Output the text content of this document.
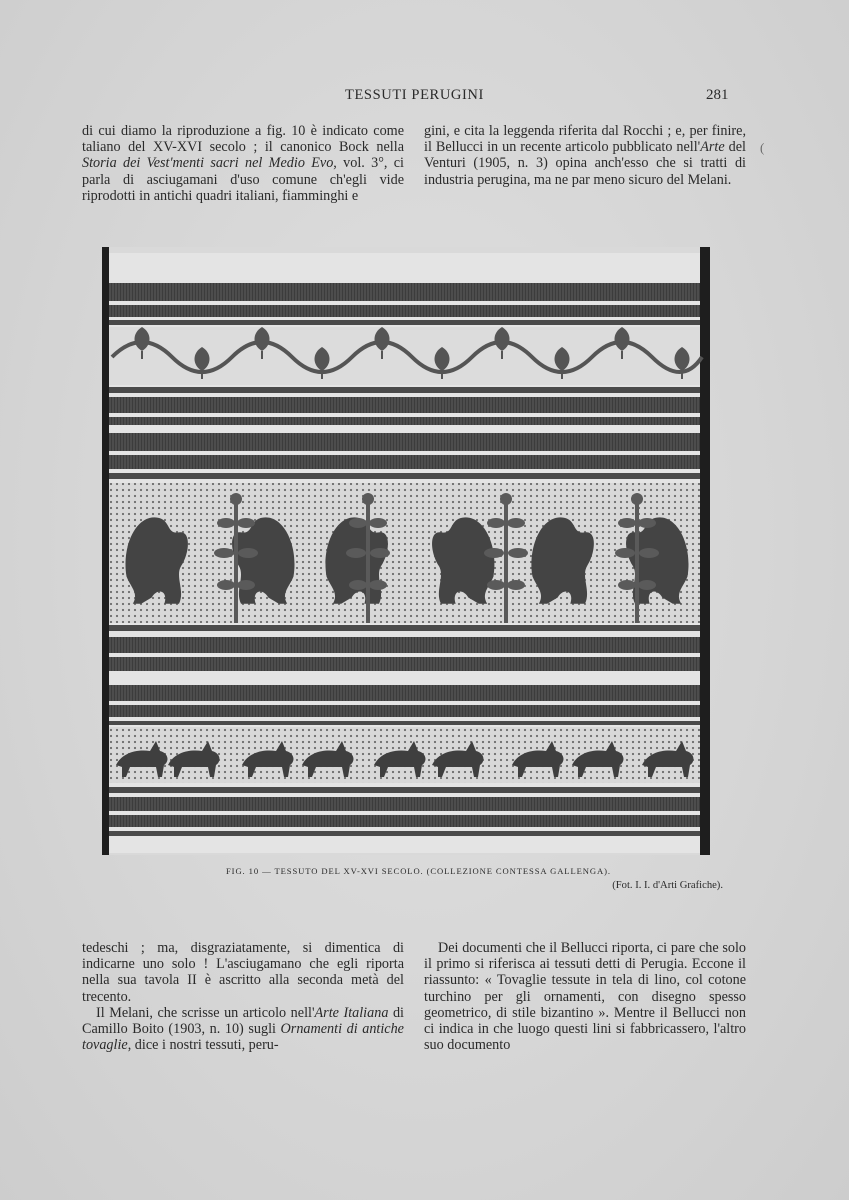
TESSUTI PERUGINI	281

di cui diamo la riproduzione a fig. 10 è indicato come taliano del XV-XVI secolo ; il canonico Bock nella Storia dei Vest'menti sacri nel Medio Evo, vol. 3°, ci parla di asciugamani d'uso comune ch'egli vide riprodotti in antichi quadri italiani, fiamminghi e

gini, e cita la leggenda riferita dal Rocchi ; e, per finire, il Bellucci in un recente articolo pubblicato nell'Arte del Venturi (1905, n. 3) opina anch'esso che si tratti di industria perugina, ma ne par meno sicuro del Melani.

(
FIG. 10 — TESSUTO DEL XV-XVI SECOLO. (COLLEZIONE CONTESSA GALLENGA).
(Fot. I. I. d'Arti Grafiche).

tedeschi ; ma, disgraziatamente, si dimentica di indicarne uno solo ! L'asciugamano che egli riporta nella sua tavola II è ascritto alla seconda metà del trecento.

Il Melani, che scrisse un articolo nell'Arte Italiana di Camillo Boito (1903, n. 10) sugli Ornamenti di antiche tovaglie, dice i nostri tessuti, peru-

Dei documenti che il Bellucci riporta, ci pare che solo il primo si riferisca ai tessuti detti di Perugia. Eccone il riassunto: « Tovaglie tessute in tela di lino, col cotone turchino per gli ornamenti, con disegno spesso geometrico, di stile bizantino ». Mentre il Bellucci non ci indica in che luogo questi lini si fabbricassero, l'altro suo documento
